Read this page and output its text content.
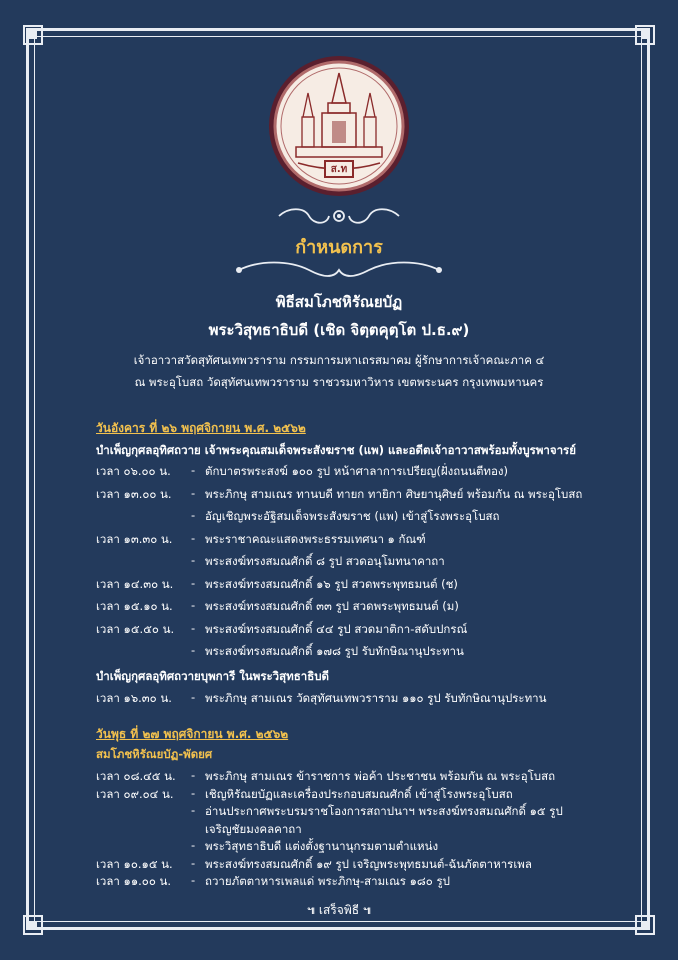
ส.ท
กำหนดการ
พิธีสมโภชหิรัณยบัฏ
พระวิสุทธาธิบดี (เชิด จิตฺตคุตฺโต ป.ธ.๙)
เจ้าอาวาสวัดสุทัศนเทพวราราม กรรมการมหาเถรสมาคม ผู้รักษาการเจ้าคณะภาค ๔
ณ พระอุโบสถ วัดสุทัศนเทพวราราม ราชวรมหาวิหาร เขตพระนคร กรุงเทพมหานคร
วันอังคาร ที่ ๒๖ พฤศจิกายน พ.ศ. ๒๕๖๒
บำเพ็ญกุศลอุทิศถวาย เจ้าพระคุณสมเด็จพระสังฆราช (แพ) และอดีตเจ้าอาวาสพร้อมทั้งบูรพาจารย์
เวลา ๐๖.๐๐ น. - ตักบาตรพระสงฆ์ ๑๐๐ รูป หน้าศาลาการเปรียญ(ฝั่งถนนตีทอง)
เวลา ๑๓.๐๐ น. - พระภิกษุ สามเณร ทานบดี ทายก ทายิกา ศิษยานุศิษย์ พร้อมกัน ณ พระอุโบสถ
- อัญเชิญพระอัฐิสมเด็จพระสังฆราช (แพ) เข้าสู่โรงพระอุโบสถ
เวลา ๑๓.๓๐ น. - พระราชาคณะแสดงพระธรรมเทศนา ๑ กัณฑ์
- พระสงฆ์ทรงสมณศักดิ์ ๘ รูป สวดอนุโมทนาคาถา
เวลา ๑๔.๓๐ น. - พระสงฆ์ทรงสมณศักดิ์ ๑๖ รูป สวดพระพุทธมนต์ (ช)
เวลา ๑๕.๑๐ น. - พระสงฆ์ทรงสมณศักดิ์ ๓๓ รูป สวดพระพุทธมนต์ (ม)
เวลา ๑๕.๕๐ น. - พระสงฆ์ทรงสมณศักดิ์ ๔๔ รูป สวดมาติกา-สดับปกรณ์
- พระสงฆ์ทรงสมณศักดิ์ ๑๗๘ รูป รับทักษิณานุประทาน
บำเพ็ญกุศลอุทิศถวายบุพการี ในพระวิสุทธาธิบดี
เวลา ๑๖.๓๐ น. - พระภิกษุ สามเณร วัดสุทัศนเทพวราราม ๑๑๐ รูป รับทักษิณานุประทาน
วันพุธ ที่ ๒๗ พฤศจิกายน พ.ศ. ๒๕๖๒
สมโภชหิรัณยบัฏ-พัดยศ
๚ เสร็จพิธี ๚
เวลา ๐๘.๔๕ น. - พระภิกษุ สามเณร ข้าราชการ พ่อค้า ประชาชน พร้อมกัน ณ พระอุโบสถ
เวลา ๐๙.๐๔ น. - เชิญหิรัณยบัฏและเครื่องประกอบสมณศักดิ์ เข้าสู่โรงพระอุโบสถ
- อ่านประกาศพระบรมราชโองการสถาปนาฯ พระสงฆ์ทรงสมณศักดิ์ ๑๕ รูป
เจริญชัยมงคลคาถา
- พระวิสุทธาธิบดี แต่งตั้งฐานานุกรมตามตำแหน่ง
เวลา ๑๐.๑๕ น. - พระสงฆ์ทรงสมณศักดิ์ ๑๙ รูป เจริญพระพุทธมนต์-ฉันภัตตาหารเพล
เวลา ๑๑.๐๐ น. - ถวายภัตตาหารเพลแด่ พระภิกษุ-สามเณร ๑๘๐ รูป
